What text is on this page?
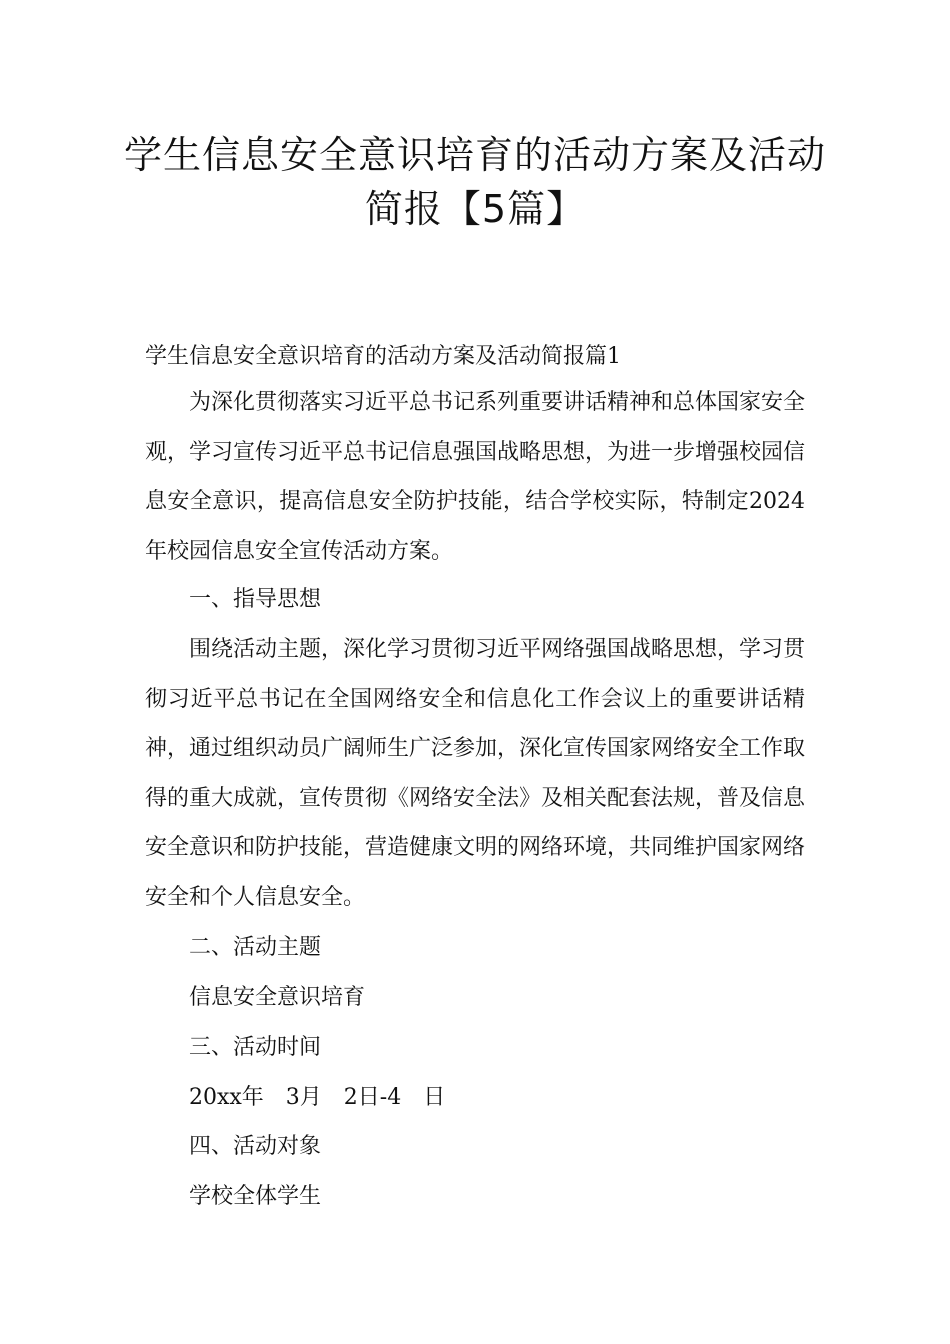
学生信息安全意识培育的活动方案及活动简报【5篇】

学生信息安全意识培育的活动方案及活动简报篇1

为深化贯彻落实习近平总书记系列重要讲话精神和总体国家安全观，学习宣传习近平总书记信息强国战略思想，为进一步增强校园信息安全意识，提高信息安全防护技能，结合学校实际，特制定2024　年校园信息安全宣传活动方案。

一、指导思想

围绕活动主题，深化学习贯彻习近平网络强国战略思想，学习贯彻习近平总书记在全国网络安全和信息化工作会议上的重要讲话精神，通过组织动员广阔师生广泛参加，深化宣传国家网络安全工作取得的重大成就，宣传贯彻《网络安全法》及相关配套法规，普及信息安全意识和防护技能，营造健康文明的网络环境，共同维护国家网络安全和个人信息安全。

二、活动主题

信息安全意识培育

三、活动时间

20xx年　3月　2日-4　日

四、活动对象

学校全体学生
